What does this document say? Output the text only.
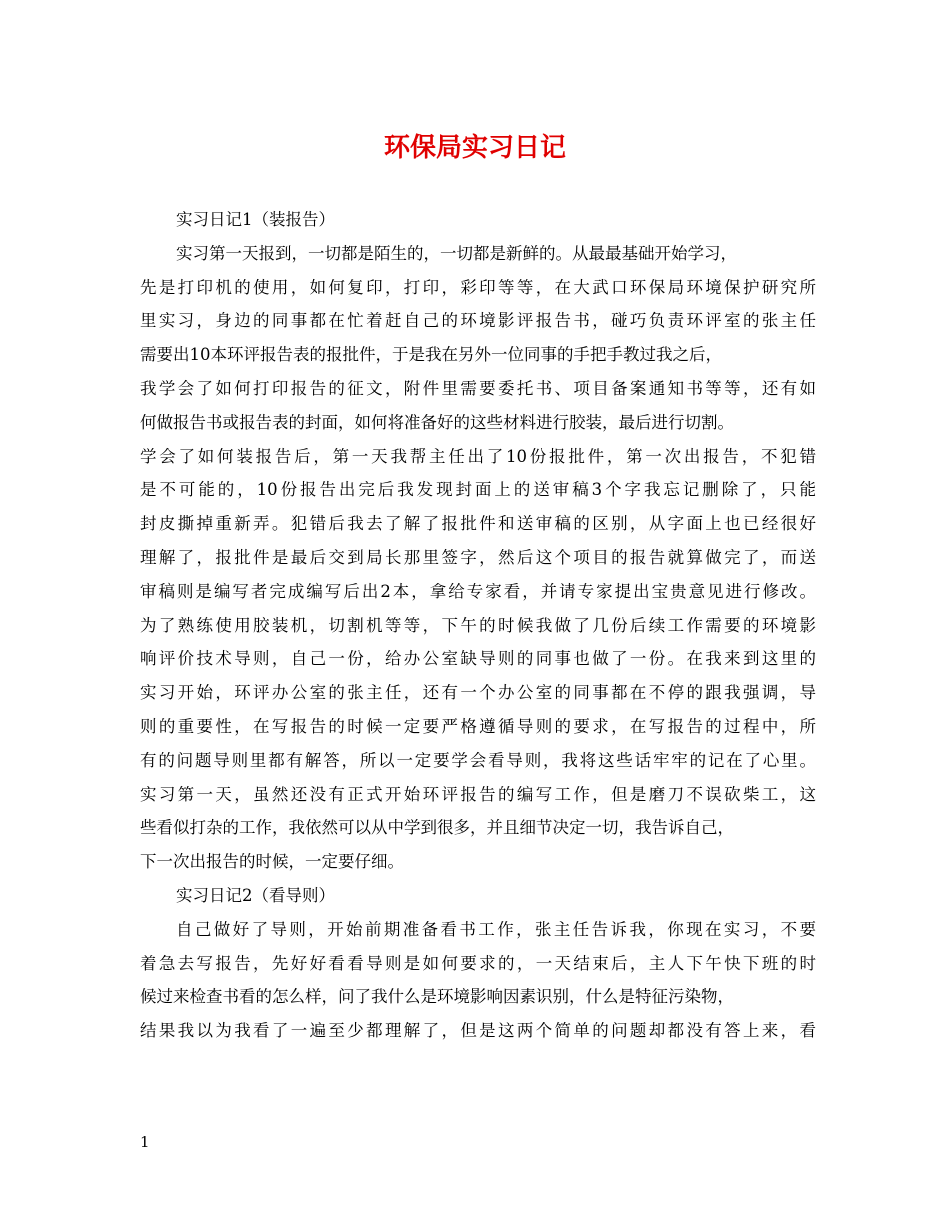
环保局实习日记
实习日记1（装报告）
实习第一天报到，一切都是陌生的，一切都是新鲜的。从最最基础开始学习，
先是打印机的使用，如何复印，打印，彩印等等，在大武口环保局环境保护研究所
里实习，身边的同事都在忙着赶自己的环境影评报告书，碰巧负责环评室的张主任
需要出10本环评报告表的报批件，于是我在另外一位同事的手把手教过我之后，
我学会了如何打印报告的征文，附件里需要委托书、项目备案通知书等等，还有如
何做报告书或报告表的封面，如何将准备好的这些材料进行胶装，最后进行切割。
学会了如何装报告后，第一天我帮主任出了10份报批件，第一次出报告，不犯错
是不可能的，10份报告出完后我发现封面上的送审稿3个字我忘记删除了，只能
封皮撕掉重新弄。犯错后我去了解了报批件和送审稿的区别，从字面上也已经很好
理解了，报批件是最后交到局长那里签字，然后这个项目的报告就算做完了，而送
审稿则是编写者完成编写后出2本，拿给专家看，并请专家提出宝贵意见进行修改。
为了熟练使用胶装机，切割机等等，下午的时候我做了几份后续工作需要的环境影
响评价技术导则，自己一份，给办公室缺导则的同事也做了一份。在我来到这里的
实习开始，环评办公室的张主任，还有一个办公室的同事都在不停的跟我强调，导
则的重要性，在写报告的时候一定要严格遵循导则的要求，在写报告的过程中，所
有的问题导则里都有解答，所以一定要学会看导则，我将这些话牢牢的记在了心里。
实习第一天，虽然还没有正式开始环评报告的编写工作，但是磨刀不误砍柴工，这
些看似打杂的工作，我依然可以从中学到很多，并且细节决定一切，我告诉自己，
下一次出报告的时候，一定要仔细。
实习日记2（看导则）
自己做好了导则，开始前期准备看书工作，张主任告诉我，你现在实习，不要
着急去写报告，先好好看看导则是如何要求的，一天结束后，主人下午快下班的时
候过来检查书看的怎么样，问了我什么是环境影响因素识别，什么是特征污染物，
结果我以为我看了一遍至少都理解了，但是这两个简单的问题却都没有答上来，看

1
